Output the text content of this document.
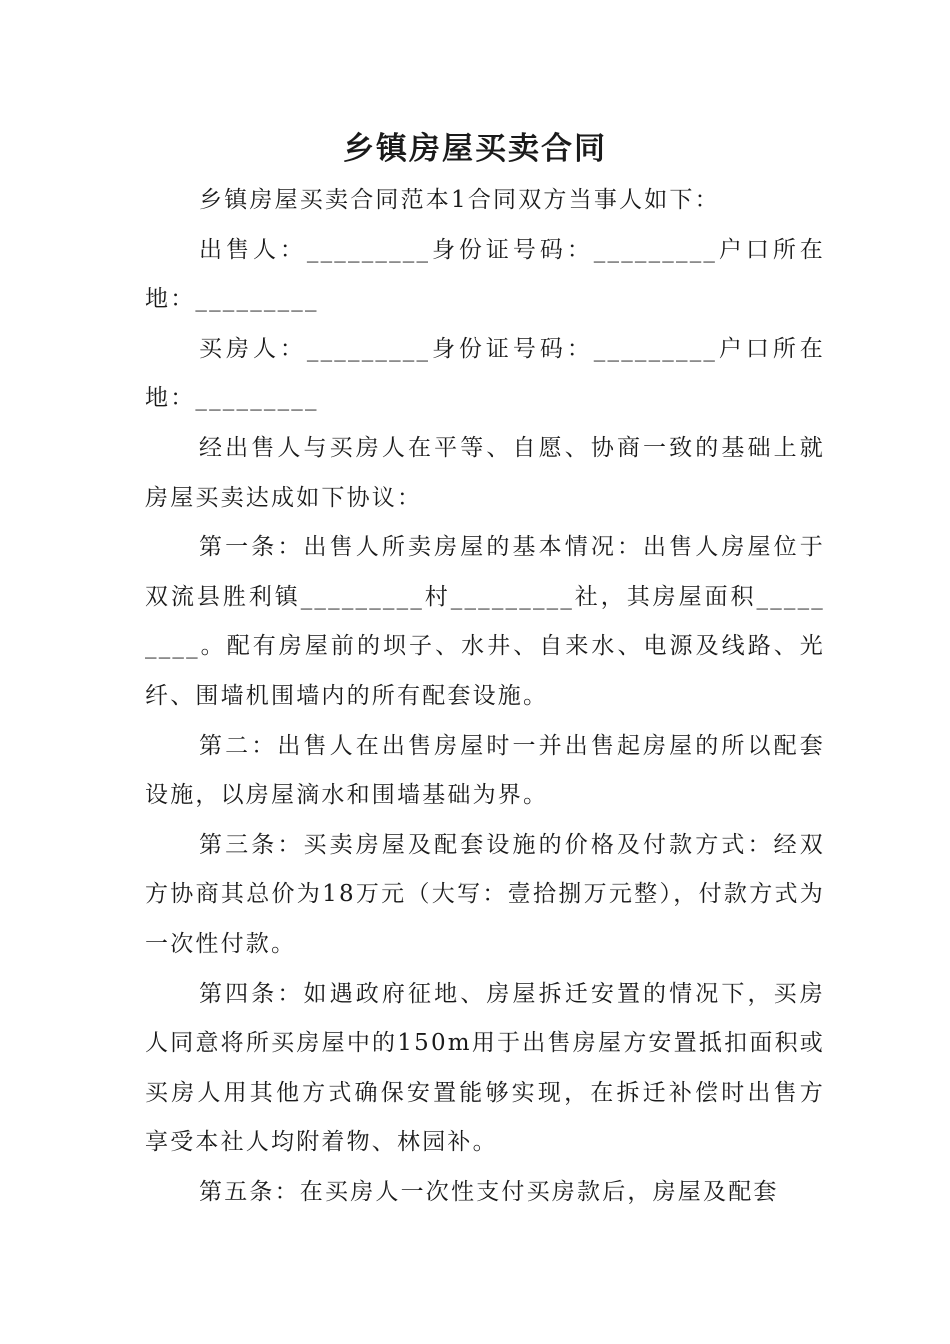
乡镇房屋买卖合同

乡镇房屋买卖合同范本1合同双方当事人如下：

出售人：_________身份证号码：_________户口所在地：_________

买房人：_________身份证号码：_________户口所在地：_________

经出售人与买房人在平等、自愿、协商一致的基础上就房屋买卖达成如下协议：

第一条：出售人所卖房屋的基本情况：出售人房屋位于双流县胜利镇_________村_________社，其房屋面积_________。配有房屋前的坝子、水井、自来水、电源及线路、光纤、围墙机围墙内的所有配套设施。

第二：出售人在出售房屋时一并出售起房屋的所以配套设施，以房屋滴水和围墙基础为界。

第三条：买卖房屋及配套设施的价格及付款方式：经双方协商其总价为18万元（大写：壹拾捌万元整），付款方式为一次性付款。

第四条：如遇政府征地、房屋拆迁安置的情况下，买房人同意将所买房屋中的150m用于出售房屋方安置抵扣面积或买房人用其他方式确保安置能够实现，在拆迁补偿时出售方享受本社人均附着物、林园补。

第五条：在买房人一次性支付买房款后，房屋及配套
